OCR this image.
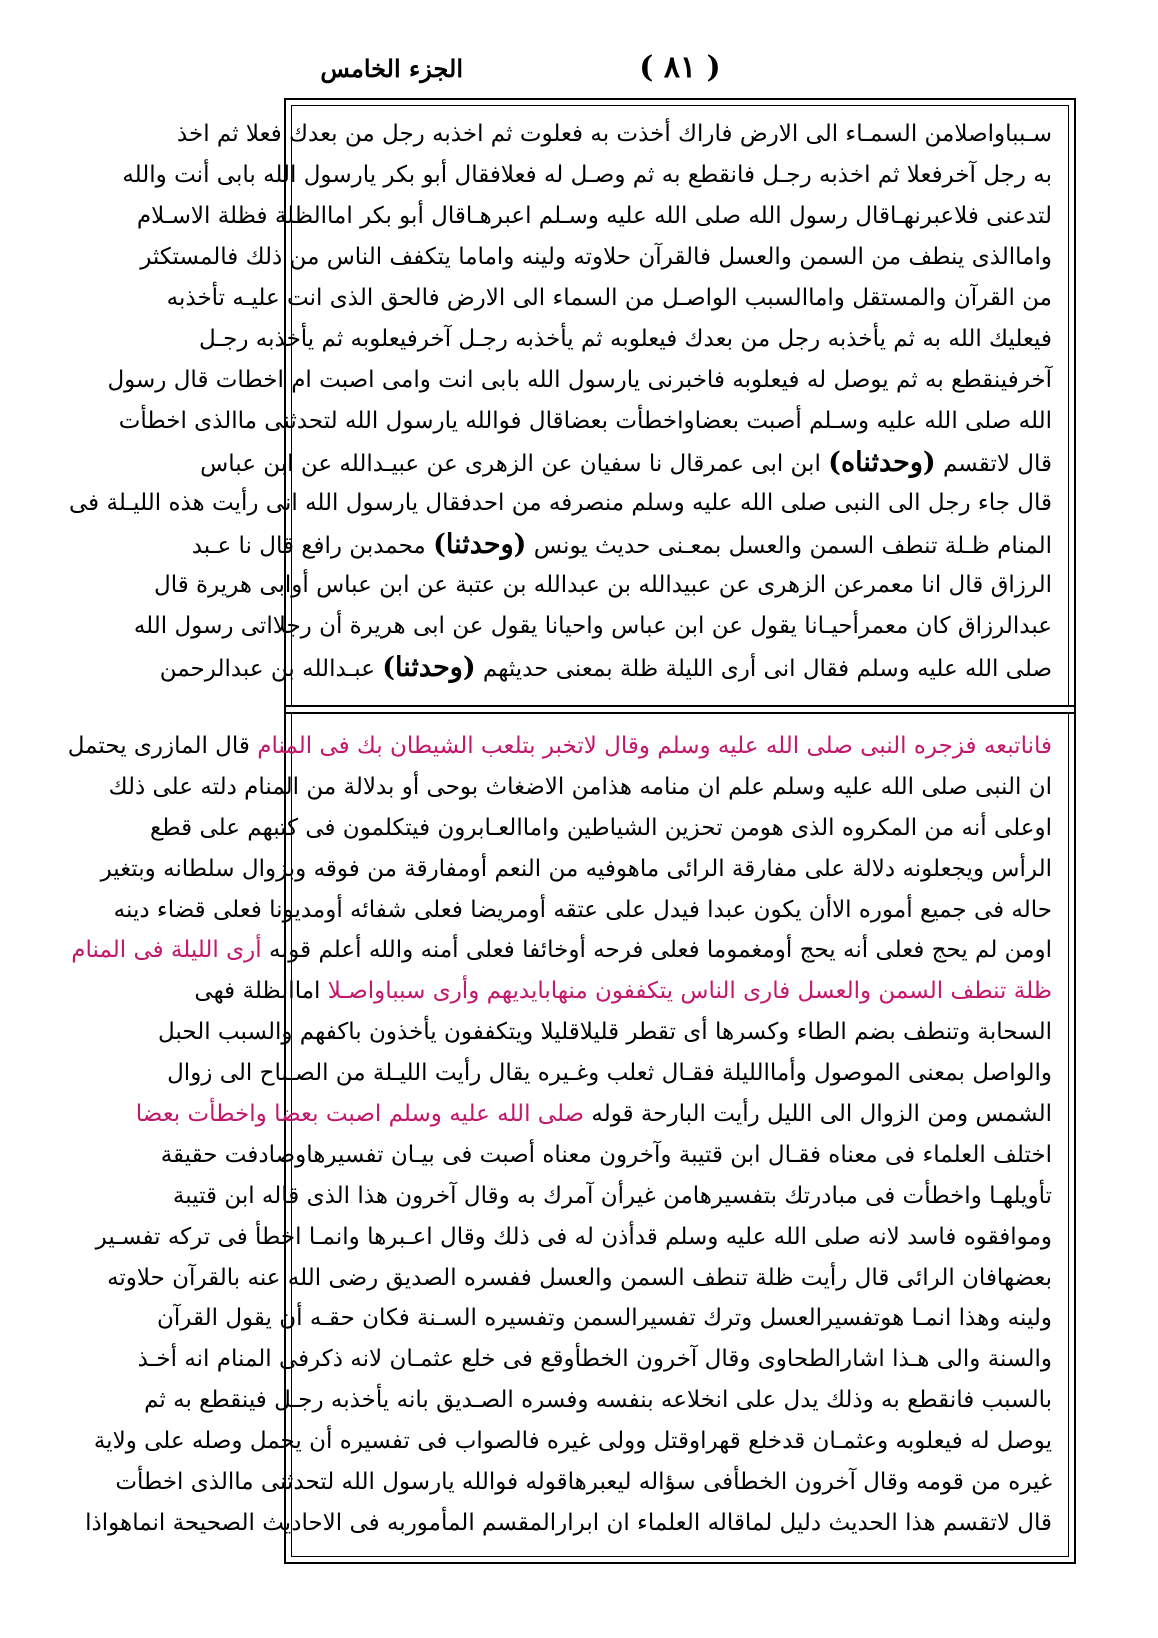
( ٨١ )
الجزء الخامس
سـبباواصلامن السمـاء الى الارض فاراك أخذت به فعلوت ثم اخذبه رجل من بعدك فعلا ثم اخذ
به رجل آخرفعلا ثم اخذبه رجـل فانقطع به ثم وصـل له فعلافقال أبو بكر يارسول الله بابى أنت والله
لتدعنى فلاعبرنهـاقال رسول الله صلى الله عليه وسـلم اعبرهـاقال أبو بكر اماالظلة فظلة الاسـلام
واماالذى ينطف من السمن والعسل فالقرآن حلاوته ولينه واماما يتكفف الناس من ذلك فالمستكثر
من القرآن والمستقل واماالسبب الواصـل من السماء الى الارض فالحق الذى انت عليـه تأخذبه
فيعليك الله به ثم يأخذبه رجل من بعدك فيعلوبه ثم يأخذبه رجـل آخرفيعلوبه ثم يأخذبه رجـل
آخرفينقطع به ثم يوصل له فيعلوبه فاخبرنى يارسول الله بابى انت وامى اصبت ام اخطات قال رسول
الله صلى الله عليه وسـلم أصبت بعضاواخطأت بعضاقال فوالله يارسول الله لتحدثنى ماالذى اخطأت
قال لاتقسم (وحدثناه) ابن ابى عمرقال نا سفيان عن الزهرى عن عبيـدالله عن ابن عباس
قال جاء رجل الى النبى صلى الله عليه وسلم منصرفه من احدفقال يارسول الله انى رأيت هذه الليـلة فى
المنام ظـلة تنطف السمن والعسل بمعـنى حديث يونس (وحدثنا) محمدبن رافع قال نا عـبد
الرزاق قال انا معمرعن الزهرى عن عبيدالله بن عبدالله بن عتبة عن ابن عباس أوابى هريرة قال
عبدالرزاق كان معمرأحيـانا يقول عن ابن عباس واحيانا يقول عن ابى هريرة أن رجلااتى رسول الله
صلى الله عليه وسلم فقال انى أرى الليلة ظلة بمعنى حديثهم (وحدثنا) عبـدالله بن عبدالرحمن
فاناتبعه فزجره النبى صلى الله عليه وسلم وقال لاتخبر بتلعب الشيطان بك فى المنام قال المازرى يحتمل
ان النبى صلى الله عليه وسلم علم ان منامه هذامن الاضغاث بوحى أو بدلالة من المنام دلته على ذلك
اوعلى أنه من المكروه الذى هومن تحزين الشياطين واماالعـابرون فيتكلمون فى كتبهم على قطع
الرأس ويجعلونه دلالة على مفارقة الرائى ماهوفيه من النعم أومفارقة من فوقه وبزوال سلطانه وبتغير
حاله فى جميع أموره الاأن يكون عبدا فيدل على عتقه أومريضا فعلى شفائه أومديونا فعلى قضاء دينه
اومن لم يحج فعلى أنه يحج أومغموما فعلى فرحه أوخائفا فعلى أمنه والله أعلم قوله أرى الليلة فى المنام
ظلة تنطف السمن والعسل فارى الناس يتكففون منهابايديهم وأرى سبباواصـلا اماالظلة فهى
السحابة وتنطف بضم الطاء وكسرها أى تقطر قليلاقليلا ويتكففون يأخذون باكفهم والسبب الحبل
والواصل بمعنى الموصول وأماالليلة فقـال ثعلب وغـيره يقال رأيت الليـلة من الصـباح الى زوال
الشمس ومن الزوال الى الليل رأيت البارحة قوله صلى الله عليه وسلم اصبت بعضا واخطأت بعضا
اختلف العلماء فى معناه فقـال ابن قتيبة وآخرون معناه أصبت فى بيـان تفسيرهاوصادفت حقيقة
تأويلهـا واخطأت فى مبادرتك بتفسيرهامن غيرأن آمرك به وقال آخرون هذا الذى قاله ابن قتيبة
وموافقوه فاسد لانه صلى الله عليه وسلم قدأذن له فى ذلك وقال اعـبرها وانمـا اخطأ فى تركه تفسـير
بعضهافان الرائى قال رأيت ظلة تنطف السمن والعسل ففسره الصديق رضى الله عنه بالقرآن حلاوته
ولينه وهذا انمـا هوتفسيرالعسل وترك تفسيرالسمن وتفسيره السـنة فكان حقـه أن يقول القرآن
والسنة والى هـذا اشارالطحاوى وقال آخرون الخطأوقع فى خلع عثمـان لانه ذكرفى المنام انه أخـذ
بالسبب فانقطع به وذلك يدل على انخلاعه بنفسه وفسره الصـديق بانه يأخذبه رجـل فينقطع به ثم
يوصل له فيعلوبه وعثمـان قدخلع قهراوقتل وولى غيره فالصواب فى تفسيره أن يحمل وصله على ولاية
غيره من قومه وقال آخرون الخطأفى سؤاله ليعبرهاقوله فوالله يارسول الله لتحدثنى ماالذى اخطأت
قال لاتقسم هذا الحديث دليل لماقاله العلماء ان ابرارالمقسم المأموربه فى الاحاديث الصحيحة انماهواذا
